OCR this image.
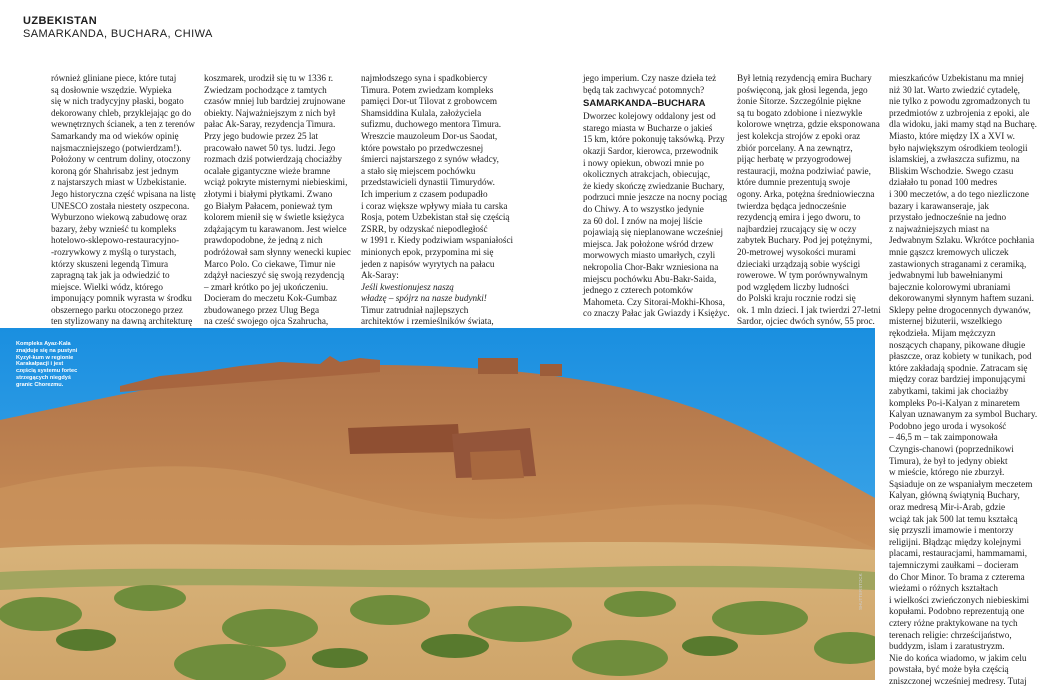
UZBEKISTAN
SAMARKANDA, BUCHARA, CHIWA

również gliniane piece, które tutaj
są dosłownie wszędzie. Wypieka
się w nich tradycyjny płaski, bogato
dekorowany chleb, przyklejając go do
wewnętrznych ścianek, a ten z terenów
Samarkandy ma od wieków opinię
najsmaczniejszego (potwierdzam!).
Położony w centrum doliny, otoczony
koroną gór Shahrisabz jest jednym
z najstarszych miast w Uzbekistanie.
Jego historyczna część wpisana na listę
UNESCO została niestety oszpecona.
Wyburzono wiekową zabudowę oraz
bazary, żeby wznieść tu kompleks
hotelowo-sklepowo-restauracyjno-
-rozrywkowy z myślą o turystach,
którzy skuszeni legendą Timura
zapragną tak jak ja odwiedzić to
miejsce. Wielki wódz, którego
imponujący pomnik wyrasta w środku
obszernego parku otoczonego przez
ten stylizowany na dawną architekturę

koszmarek, urodził się tu w 1336 r.
Zwiedzam pochodzące z tamtych
czasów mniej lub bardziej zrujnowane
obiekty. Najważniejszym z nich był
pałac Ak-Saray, rezydencja Timura.
Przy jego budowie przez 25 lat
pracowało nawet 50 tys. ludzi. Jego
rozmach dziś potwierdzają chociażby
ocalałe gigantyczne wieże bramne
wciąż pokryte misternymi niebieskimi,
złotymi i białymi płytkami. Zwano
go Białym Pałacem, ponieważ tym
kolorem mienił się w świetle księżyca
zdążającym tu karawanom. Jest wielce
prawdopodobne, że jedną z nich
podróżował sam słynny wenecki kupiec
Marco Polo. Co ciekawe, Timur nie
zdążył nacieszyć się swoją rezydencją
– zmarł krótko po jej ukończeniu.
Docieram do meczetu Kok-Gumbaz
zbudowanego przez Ulug Bega
na cześć swojego ojca Szahrucha,

najmłodszego syna i spadkobiercy
Timura. Potem zwiedzam kompleks
pamięci Dor-ut Tilovat z grobowcem
Shamsiddina Kulala, założyciela
sufizmu, duchowego mentora Timura.
Wreszcie mauzoleum Dor-us Saodat,
które powstało po przedwczesnej
śmierci najstarszego z synów władcy,
a stało się miejscem pochówku
przedstawicieli dynastii Timurydów.
Ich imperium z czasem podupadło
i coraz większe wpływy miała tu carska
Rosja, potem Uzbekistan stał się częścią
ZSRR, by odzyskać niepodległość
w 1991 r. Kiedy podziwiam wspaniałości
minionych epok, przypomina mi się
jeden z napisów wyrytych na pałacu
Ak-Saray:

Jeśli kwestionujesz naszą
władzę – spójrz na nasze budynki!

Timur zatrudniał najlepszych
architektów i rzemieślników świata,

jego imperium. Czy nasze dzieła też
będą tak zachwycać potomnych?

SAMARKANDA–BUCHARA

Dworzec kolejowy oddalony jest od
starego miasta w Bucharze o jakieś
15 km, które pokonuję taksówką. Przy
okazji Sardor, kierowca, przewodnik
i nowy opiekun, obwozi mnie po
okolicznych atrakcjach, obiecując,
że kiedy skończę zwiedzanie Buchary,
podrzuci mnie jeszcze na nocny pociąg
do Chiwy. A to wszystko jedynie
za 60 dol. I znów na mojej liście
pojawiają się nieplanowane wcześniej
miejsca. Jak położone wśród drzew
morwowych miasto umarłych, czyli
nekropolia Chor-Bakr wzniesiona na
miejscu pochówku Abu-Bakr-Saida,
jednego z czterech potomków
Mahometa. Czy Sitorai-Mokhi-Khosa,
co znaczy Pałac jak Gwiazdy i Księżyc.

Był letnią rezydencją emira Buchary
poświęconą, jak głosi legenda, jego
żonie Sitorze. Szczególnie piękne
są tu bogato zdobione i niezwykle
kolorowe wnętrza, gdzie eksponowana
jest kolekcja strojów z epoki oraz
zbiór porcelany. A na zewnątrz,
pijąc herbatę w przyogrodowej
restauracji, można podziwiać pawie,
które dumnie prezentują swoje
ogony. Arka, potężna średniowieczna
twierdza będąca jednocześnie
rezydencją emira i jego dworu, to
najbardziej rzucający się w oczy
zabytek Buchary. Pod jej potężnymi,
20-metrowej wysokości murami
dzieciaki urządzają sobie wyścigi
rowerowe. W tym porównywalnym
pod względem liczby ludności
do Polski kraju rocznie rodzi się
ok. 1 mln dzieci. I jak twierdzi 27-letni
Sardor, ojciec dwóch synów, 55 proc.

mieszkańców Uzbekistanu ma mniej
niż 30 lat. Warto zwiedzić cytadelę,
nie tylko z powodu zgromadzonych tu
przedmiotów z uzbrojenia z epoki, ale
dla widoku, jaki mamy stąd na Bucharę.
Miasto, które między IX a XVI w.
było największym ośrodkiem teologii
islamskiej, a zwłaszcza sufizmu, na
Bliskim Wschodzie. Swego czasu
działało tu ponad 100 medres
i 300 meczetów, a do tego niezliczone
bazary i karawanseraje, jak
przystało jednocześnie na jedno
z najważniejszych miast na
Jedwabnym Szlaku. Wkrótce pochłania
mnie gąszcz kremowych uliczek
zastawionych straganami z ceramiką,
jedwabnymi lub bawełnianymi
bajecznie kolorowymi ubraniami
dekorowanymi słynnym haftem suzani.
Sklepy pełne drogocennych dywanów,
misternej biżuterii, wszelkiego
rękodzieła. Mijam mężczyzn
noszących chapany, pikowane długie
płaszcze, oraz kobiety w tunikach, pod
które zakładają spodnie. Zatracam się
między coraz bardziej imponującymi
zabytkami, takimi jak chociażby
kompleks Po-i-Kalyan z minaretem
Kalyan uznawanym za symbol Buchary.
Podobno jego uroda i wysokość
– 46,5 m – tak zaimponowała
Czyngis-chanowi (poprzednikowi
Timura), że był to jedyny obiekt
w mieście, którego nie zburzył.
Sąsiaduje on ze wspaniałym meczetem
Kalyan, główną świątynią Buchary,
oraz medresą Mir-i-Arab, gdzie
wciąż tak jak 500 lat temu kształcą
się przyszli imamowie i mentorzy
religijni. Błądząc między kolejnymi
placami, restauracjami, hammamami,
tajemniczymi zaułkami – docieram
do Chor Minor. To brama z czterema
wieżami o różnych kształtach
i wielkości zwieńczonych niebieskimi
kopułami. Podobno reprezentują one
cztery różne praktykowane na tych
terenach religie: chrześcijaństwo,
buddyzm, islam i zaratustryzm.
Nie do końca wiadomo, w jakim celu
powstała, być może była częścią
zniszczonej wcześniej medresy. Tutaj

Kompleks Ayaz-Kala znajduje się na pustyni Kyzył-kum w regionie Karakałpacji i jest częścią systemu fortec strzegących niegdyś granic Chorezmu.
SHUTTERSTOCK
